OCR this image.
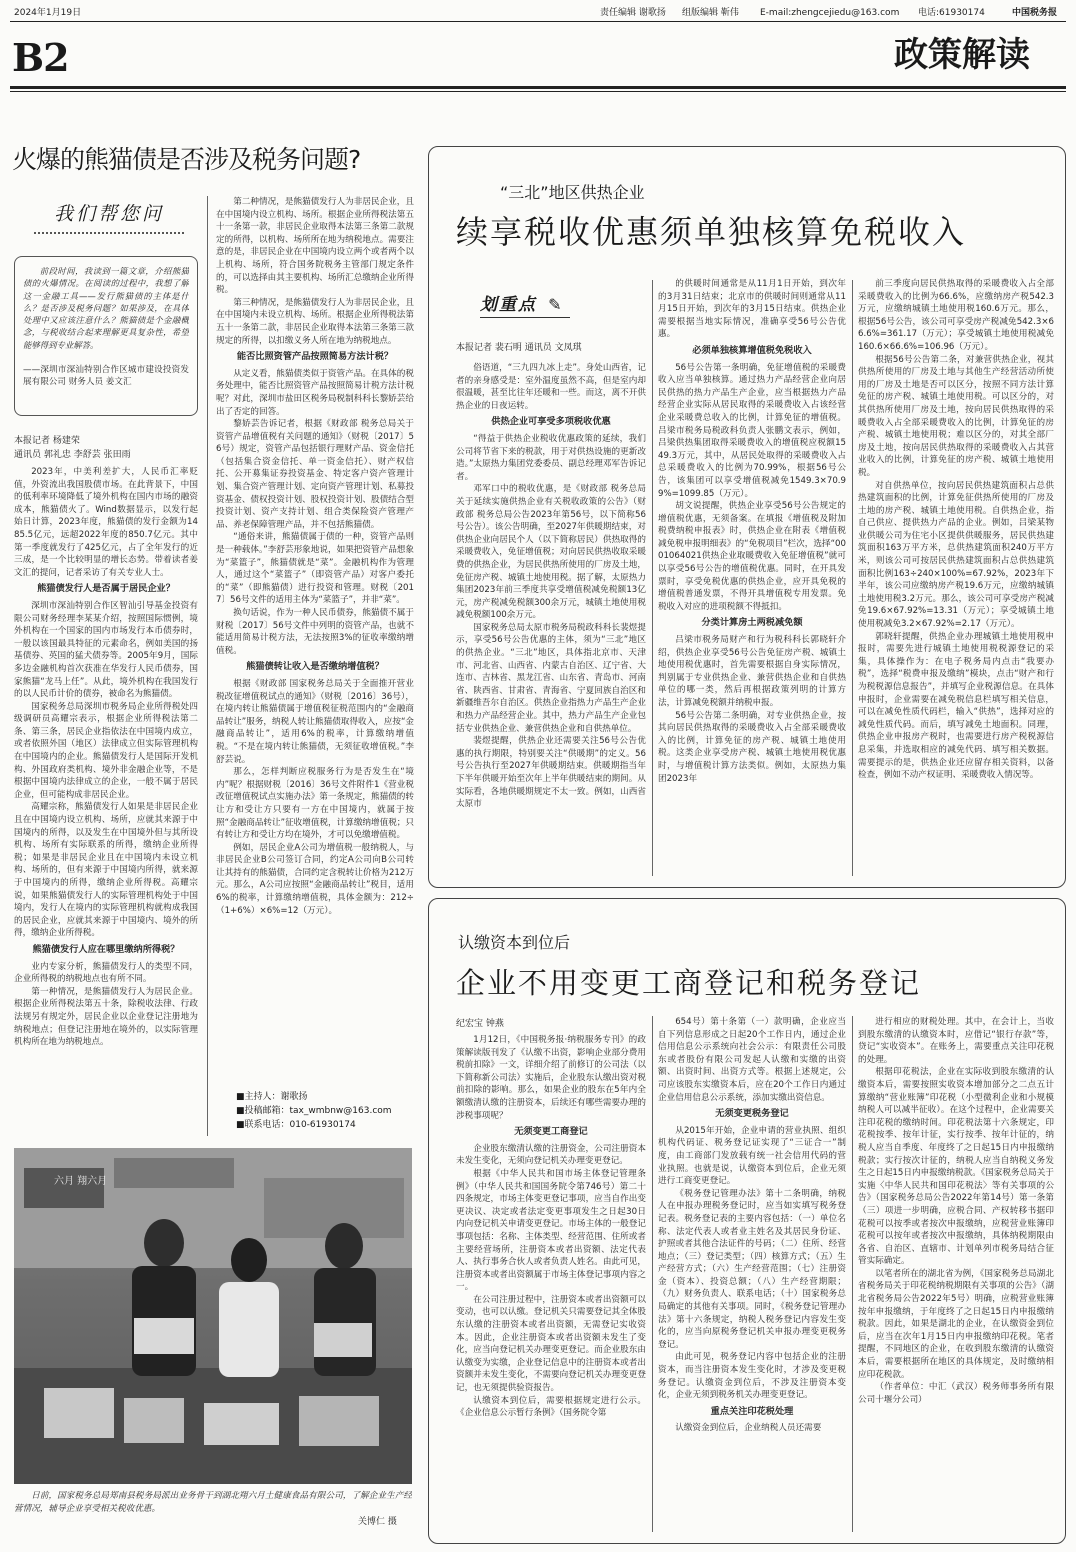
2024年1月19日	责任编辑 谢歌扬 组版编辑 靳伟 E-mail:zhengcejiedu@163.com 电话:61930174	中国税务报
B2	政策解读
火爆的熊猫债是否涉及税务问题?
我们帮您问
前段时间，我读到一篇文章，介绍熊猫债的火爆情况。在阅读的过程中，我想了解这一金融工具——发行熊猫债的主体是什么？是否涉及税务问题？如果涉及，在具体处理中又应该注意什么？熊猫债是个金融概念，与税收结合起来理解更具复杂性，希望能够得到专业解答。
——深圳市深汕特别合作区城市建设投资发展有限公司 财务人员 姜文汇
本报记者 杨建荣
通讯员 郭礼忠 李舒芸 张田雨

2023年，中美利差扩大，人民币汇率贬值，外资流出我国股债市场。在此背景下，中国的低利率环境降低了境外机构在国内市场的融资成本，熊猫债火了。Wind数据显示，以发行起始日计算，2023年度，熊猫债的发行金额为1485.5亿元，远超2022年度的850.7亿元。其中第一季度就发行了425亿元，占了全年发行的近三成，是一个比较明显的增长态势。带着读者姜文汇的提问，记者采访了有关专业人士。

熊猫债发行人是否属于居民企业？

深圳市深汕特别合作区智汕引导基金投资有限公司财务经理李某某介绍，按照国际惯例，境外机构在一个国家的国内市场发行本币债券时，一般以该国最具特征的元素命名，例如美国的扬基债券、英国的猛犬债券等。2005年9月，国际多边金融机构首次获准在华发行人民币债券，国家熊猫“龙马上任”。从此，境外机构在我国发行的以人民币计价的债券，被命名为熊猫债。

国家税务总局深圳市税务局企业所得税处四级调研员高耀宗表示，根据企业所得税法第二条、第三条，居民企业指依法在中国境内成立，或者依照外国（地区）法律成立但实际管理机构在中国境内的企业。熊猫债发行人是国际开发机构、外国政府类机构、境外非金融企业等，不是根据中国境内法律成立的企业，一般不属于居民企业，但可能构成非居民企业。

高耀宗称，熊猫债发行人如果是非居民企业且在中国境内设立机构、场所，应就其来源于中国境内的所得，以及发生在中国境外但与其所设机构、场所有实际联系的所得，缴纳企业所得税；如果是非居民企业且在中国境内未设立机构、场所的，但有来源于中国境内所得，就来源于中国境内的所得，缴纳企业所得税。高耀宗说，如果熊猫债发行人的实际管理机构处于中国境内，发行人在境内的实际管理机构就构成我国的居民企业，应就其来源于中国境内、境外的所得，缴纳企业所得税。

熊猫债发行人应在哪里缴纳所得税？

业内专家分析，熊猫债发行人的类型不同，企业所得税的纳税地点也有所不同。

第一种情况，是熊猫债发行人为居民企业。根据企业所得税法第五十条，除税收法律、行政法规另有规定外，居民企业以企业登记注册地为纳税地点；但登记注册地在境外的，以实际管理机构所在地为纳税地点。

第二种情况，是熊猫债发行人为非居民企业，且在中国境内设立机构、场所。根据企业所得税法第五十一条第一款，非居民企业取得本法第三条第二款规定的所得，以机构、场所所在地为纳税地点。需要注意的是，非居民企业在中国境内设立两个或者两个以上机构、场所，符合国务院税务主管部门规定条件的，可以选择由其主要机构、场所汇总缴纳企业所得税。

第三种情况，是熊猫债发行人为非居民企业，且在中国境内未设立机构、场所。根据企业所得税法第五十一条第二款，非居民企业取得本法第三条第三款规定的所得，以扣缴义务人所在地为纳税地点。

能否比照资管产品按照简易方法计税？

从定义看，熊猫债类似于资管产品。在具体的税务处理中，能否比照资管产品按照简易计税方法计税呢？对此，深圳市盐田区税务局税制科科长黎娇芸给出了否定的回答。

黎娇芸告诉记者，根据《财政部 税务总局关于资管产品增值税有关问题的通知》（财税〔2017〕56号）规定，资管产品包括银行理财产品、资金信托（包括集合资金信托、单一资金信托）、财产权信托、公开募集证券投资基金、特定客户资产管理计划、集合资产管理计划、定向资产管理计划、私募投资基金、债权投资计划、股权投资计划、股债结合型投资计划、资产支持计划、组合类保险资产管理产品、养老保障管理产品，并不包括熊猫债。

“通俗来讲，熊猫债属于债的一种，资管产品则是一种载体。”李舒芸形象地说，如果把资管产品想象为“菜篮子”，熊猫债就是“菜”。金融机构作为管理人，通过这个“菜篮子”（即资管产品）对客户委托的“菜”（即熊猫债）进行投资和管理。财税〔2017〕56号文件的适用主体为“菜篮子”，并非“菜”。

换句话说，作为一种人民币债券，熊猫债不属于财税〔2017〕56号文件中列明的资管产品，也就不能适用简易计税方法，无法按照3%的征收率缴纳增值税。

熊猫债转让收入是否缴纳增值税？

根据《财政部 国家税务总局关于全面推开营业税改征增值税试点的通知》（财税〔2016〕36号），在境内转让熊猫债属于增值税征税范围内的“金融商品转让”服务，纳税人转让熊猫债取得收入，应按“金融商品转让”，适用6%的税率，计算缴纳增值税。“不是在境内转让熊猫债，无须征收增值税。”李舒芸说。

那么，怎样判断应税服务行为是否发生在“境内”呢？根据财税〔2016〕36号文件附件1《营业税改征增值税试点实施办法》第一条规定，熊猫债的转让方和受让方只要有一方在中国境内，就属于按照“金融商品转让”征收增值税，计算缴纳增值税；只有转让方和受让方均在境外，才可以免缴增值税。

例如，居民企业A公司为增值税一般纳税人，与非居民企业B公司签订合同，约定A公司向B公司转让其持有的熊猫债，合同约定含税转让价格为212万元。那么，A公司应按照“金融商品转让”税目，适用6%的税率，计算缴纳增值税，具体金额为：212÷（1+6%）×6%=12（万元）。

■主持人：谢歌扬
■投稿邮箱：tax_wmbnw@163.com
■联系电话：010-61930174
六月 翔六月
日前，国家税务总局郑南县税务局派出业务骨干到湖北翔六月土健康食品有限公司，了解企业生产经营情况，辅导企业享受相关税收优惠。
关博仁 摄
“三北”地区供热企业
续享税收优惠须单独核算免税收入
划重点 ✎
本报记者 裴石明 通讯员 文凤琪

俗语道，“三九四九冰上走”。身处山西省，记者的亲身感受是：室外温度虽然不高，但是室内却很温暖，甚至比往年还暖和一些。而这，离不开供热企业的日夜运转。

供热企业可享受多项税收优惠

“得益于供热企业税收优惠政策的延续，我们公司将节省下来的税款，用于对供热设施的更新改造。”太原热力集团党委委员、副总经理邓军告诉记者。

邓军口中的税收优惠，是《财政部 税务总局关于延续实施供热企业有关税收政策的公告》（财政部 税务总局公告2023年第56号，以下简称56号公告）。该公告明确，至2027年供暖期结束，对供热企业向居民个人（以下简称居民）供热取得的采暖费收入，免征增值税；对向居民供热收取采暖费的供热企业，为居民供热所使用的厂房及土地，免征房产税、城镇土地使用税。据了解，太原热力集团2023年前三季度共享受增值税减免税额13亿元，房产税减免税额300余万元，城镇土地使用税减免税额100余万元。

国家税务总局太原市税务局税政科科长裴煜提示，享受56号公告优惠的主体，须为“三北”地区的供热企业。“三北”地区，具体指北京市、天津市、河北省、山西省、内蒙古自治区、辽宁省、大连市、吉林省、黑龙江省、山东省、青岛市、河南省、陕西省、甘肃省、青海省、宁夏回族自治区和新疆维吾尔自治区。供热企业指热力产品生产企业和热力产品经营企业。其中，热力产品生产企业包括专业供热企业、兼营供热企业和自供热单位。

裴煜提醒，供热企业还需要关注56号公告优惠的执行期限，特别要关注“供暖期”的定义。56号公告执行至2027年供暖期结束。供暖期指当年下半年供暖开始至次年上半年供暖结束的期间。从实际看，各地供暖期规定不太一致。例如，山西省太原市

的供暖时间通常是从11月1日开始，到次年的3月31日结束；北京市的供暖时间则通常从11月15日开始，到次年的3月15日结束。供热企业需要根据当地实际情况，准确享受56号公告优惠。

必须单独核算增值税免税收入

56号公告第一条明确，免征增值税的采暖费收入应当单独核算。通过热力产品经营企业向居民供热的热力产品生产企业，应当根据热力产品经营企业实际从居民取得的采暖费收入占该经营企业采暖费总收入的比例，计算免征的增值税。吕梁市税务局税政科负责人张鹏文表示，例如，吕梁供热集团取得采暖费收入的增值税应税额1549.3万元，其中，从居民处取得的采暖费收入占总采暖费收入的比例为70.99%，根据56号公告，该集团可以享受增值税减免1549.3×70.99%=1099.85（万元）。

胡文说提醒，供热企业享受56号公告规定的增值税优惠，无须备案。在填报《增值税及附加税费纳税申报表》时，供热企业在附表《增值税减免税申报明细表》的“免税项目”栏次，选择“0001064021供热企业取暖费收入免征增值税”就可以享受56号公告的增值税优惠。同时，在开具发票时，享受免税优惠的供热企业，应开具免税的增值税普通发票，不得开具增值税专用发票。免税收入对应的进项税额不得抵扣。

分类计算房土两税减免额

吕梁市税务局财产和行为税科科长郭晓轩介绍，供热企业享受56号公告免征房产税、城镇土地使用税优惠时，首先需要根据自身实际情况，判别属于专业供热企业、兼营供热企业和自供热单位的哪一类，然后再根据政策列明的计算方法，计算减免税额并纳税申报。

56号公告第二条明确，对专业供热企业，按其向居民供热取得的采暖费收入占全部采暖费收入的比例，计算免征的房产税、城镇土地使用税。这类企业享受房产税、城镇土地使用税优惠时，与增值税计算方法类似。例如，太原热力集团2023年

前三季度向居民供热取得的采暖费收入占全部采暖费收入的比例为66.6%，应缴纳房产税542.3万元，应缴纳城镇土地使用税160.6万元。那么，根据56号公告，该公司可享受房产税减免542.3×66.6%=361.17（万元）；享受城镇土地使用税减免160.6×66.6%=106.96（万元）。

根据56号公告第二条，对兼营供热企业，视其供热所使用的厂房及土地与其他生产经营活动所使用的厂房及土地是否可以区分，按照不同方法计算免征的房产税、城镇土地使用税。可以区分的，对其供热所使用厂房及土地，按向居民供热取得的采暖费收入占全部采暖费收入的比例，计算免征的房产税、城镇土地使用税；难以区分的，对其全部厂房及土地，按向居民供热取得的采暖费收入占其营业收入的比例，计算免征的房产税、城镇土地使用税。

对自供热单位，按向居民供热建筑面积占总供热建筑面积的比例，计算免征供热所使用的厂房及土地的房产税、城镇土地使用税。自供热企业，指自己供应、提供热力产品的企业。例如，吕梁某物业供暖公司为住宅小区提供供暖服务，居民供热建筑面积163万平方米，总供热建筑面积240万平方米，则该公司可按居民供热建筑面积占总供热建筑面积比例163÷240×100%=67.92%，2023年下半年，该公司应缴纳房产税19.6万元，应缴纳城镇土地使用税3.2万元。那么，该公司可享受房产税减免19.6×67.92%=13.31（万元）；享受城镇土地使用税减免3.2×67.92%=2.17（万元）。

郭晓轩提醒，供热企业办理城镇土地使用税申报时，需要先进行城镇土地使用税税源登记的采集，具体操作为：在电子税务局内点击“我要办税”，选择“税费申报及缴纳”模块，点击“财产和行为税税源信息报告”，并填写企业税源信息。在具体申报时，企业需要在减免税信息栏填写相关信息，可以在减免性质代码栏，输入“供热”，选择对应的减免性质代码。而后，填写减免土地面积。同理，供热企业申报房产税时，也需要进行房产税税源信息采集，并选取相应的减免代码、填写相关数据。需要提示的是，供热企业还应留存相关资料，以备检查，例如不动产权证明、采暖费收入情况等。

认缴资本到位后
企业不用变更工商登记和税务登记
纪宏宝 钟燕

1月12日，《中国税务报·纳税服务专刊》的政策解读版刊发了《认缴不出资，影响企业部分费用税前扣除》一文，详细介绍了前修订的公司法（以下简称新公司法）实施后，企业股东认缴出资对税前扣除的影响。那么，如果企业的股东在5年内全额缴清认缴的注册资本，后续还有哪些需要办理的涉税事项呢？

无须变更工商登记

企业股东缴清认缴的注册资金，公司注册资本未发生变化，无须向登记机关办理变更登记。

根据《中华人民共和国市场主体登记管理条例》（中华人民共和国国务院令第746号）第二十四条规定，市场主体变更登记事项，应当自作出变更决议、决定或者法定变更事项发生之日起30日内向登记机关申请变更登记。市场主体的一般登记事项包括：名称、主体类型、经营范围、住所或者主要经营场所，注册资本或者出资额、法定代表人、执行事务合伙人或者负责人姓名。由此可见，注册资本或者出资额属于市场主体登记事项内容之一。

在公司注册过程中，注册资本或者出资额可以变动，也可以认缴。登记机关只需要登记其全体股东认缴的注册资本或者出资额，无需登记实收资本。因此，企业注册资本或者出资额未发生了变化，应当向登记机关办理变更登记。而企业股东由认缴变为实缴，企业登记信息中的注册资本或者出资额并未发生变化，不需要向登记机关办理变更登记，也无须提供验资报告。

认缴资本到位后，需要根据规定进行公示。《企业信息公示暂行条例》（国务院令第

654号）第十条第（一）款明确，企业应当自下列信息形成之日起20个工作日内，通过企业信用信息公示系统向社会公示：有限责任公司股东或者股份有限公司发起人认缴和实缴的出资额、出资时间、出资方式等。根据上述规定，公司应该股东实缴资本后，应在20个工作日内通过企业信用信息公示系统，添加实缴出资信息。

无须变更税务登记

从2015年开始，企业申请的营业执照、组织机构代码证、税务登记证实现了“三证合一”制度，由工商部门发放载有统一社会信用代码的营业执照。也就是说，认缴资本到位后，企业无须进行工商变更登记。

《税务登记管理办法》第十二条明确，纳税人在申报办理税务登记时，应当如实填写税务登记表。税务登记表的主要内容包括：（一）单位名称、法定代表人或者业主姓名及其居民身份证、护照或者其他合法证件的号码；（二）住所、经营地点；（三）登记类型；（四）核算方式；（五）生产经营方式；（六）生产经营范围；（七）注册资金（资本）、投资总额；（八）生产经营期限；（九）财务负责人、联系电话；（十）国家税务总局确定的其他有关事项。同时，《税务登记管理办法》第十六条规定，纳税人税务登记内容发生变化的，应当向原税务登记机关申报办理变更税务登记。

由此可见，税务登记内容中包括企业的注册资本，而当注册资本发生变化时，才涉及变更税务登记。认缴资金到位后，不涉及注册资本变化，企业无须到税务机关办理变更登记。

重点关注印花税处理

认缴资金到位后，企业纳税人员还需要

进行相应的财税处理。其中，在会计上，当收到股东缴清的认缴资本时，应借记“银行存款”等，贷记“实收资本”。在账务上，需要重点关注印花税的处理。

根据印花税法，企业在实际收到股东缴清的认缴资本后，需要按照实收资本增加部分之二点五计算缴纳“营业账簿”印花税（小型微利企业和小规模纳税人可以减半征收）。在这个过程中，企业需要关注印花税的缴纳时间。印花税法第十六条规定，印花税按季、按年计征，实行按季、按年计征的，纳税人应当自季度、年度终了之日起15日内申报缴纳税款；实行按次计征的，纳税人应当自纳税义务发生之日起15日内申报缴纳税款。《国家税务总局关于实施〈中华人民共和国印花税法〉等有关事项的公告》（国家税务总局公告2022年第14号）第一条第（三）项进一步明确，应税合同、产权转移书据印花税可以按季或者按次申报缴纳，应税营业账簿印花税可以按年或者按次申报缴纳，具体纳税期限由各省、自治区、直辖市、计划单列市税务局结合征管实际确定。

以笔者所在的湖北省为例，《国家税务总局湖北省税务局关于印花税纳税期限有关事项的公告》（湖北省税务局公告2022年5号）明确，应税营业账簿按年申报缴纳，于年度终了之日起15日内申报缴纳税款。因此，如果是湖北的企业，在认缴资金到位后，应当在次年1月15日内申报缴纳印花税。笔者提醒，不同地区的企业，在收到股东缴清的认缴资本后，需要根据所在地区的具体规定，及时缴纳相应印花税款。

（作者单位：中汇（武汉）税务师事务所有限公司十堰分公司）
